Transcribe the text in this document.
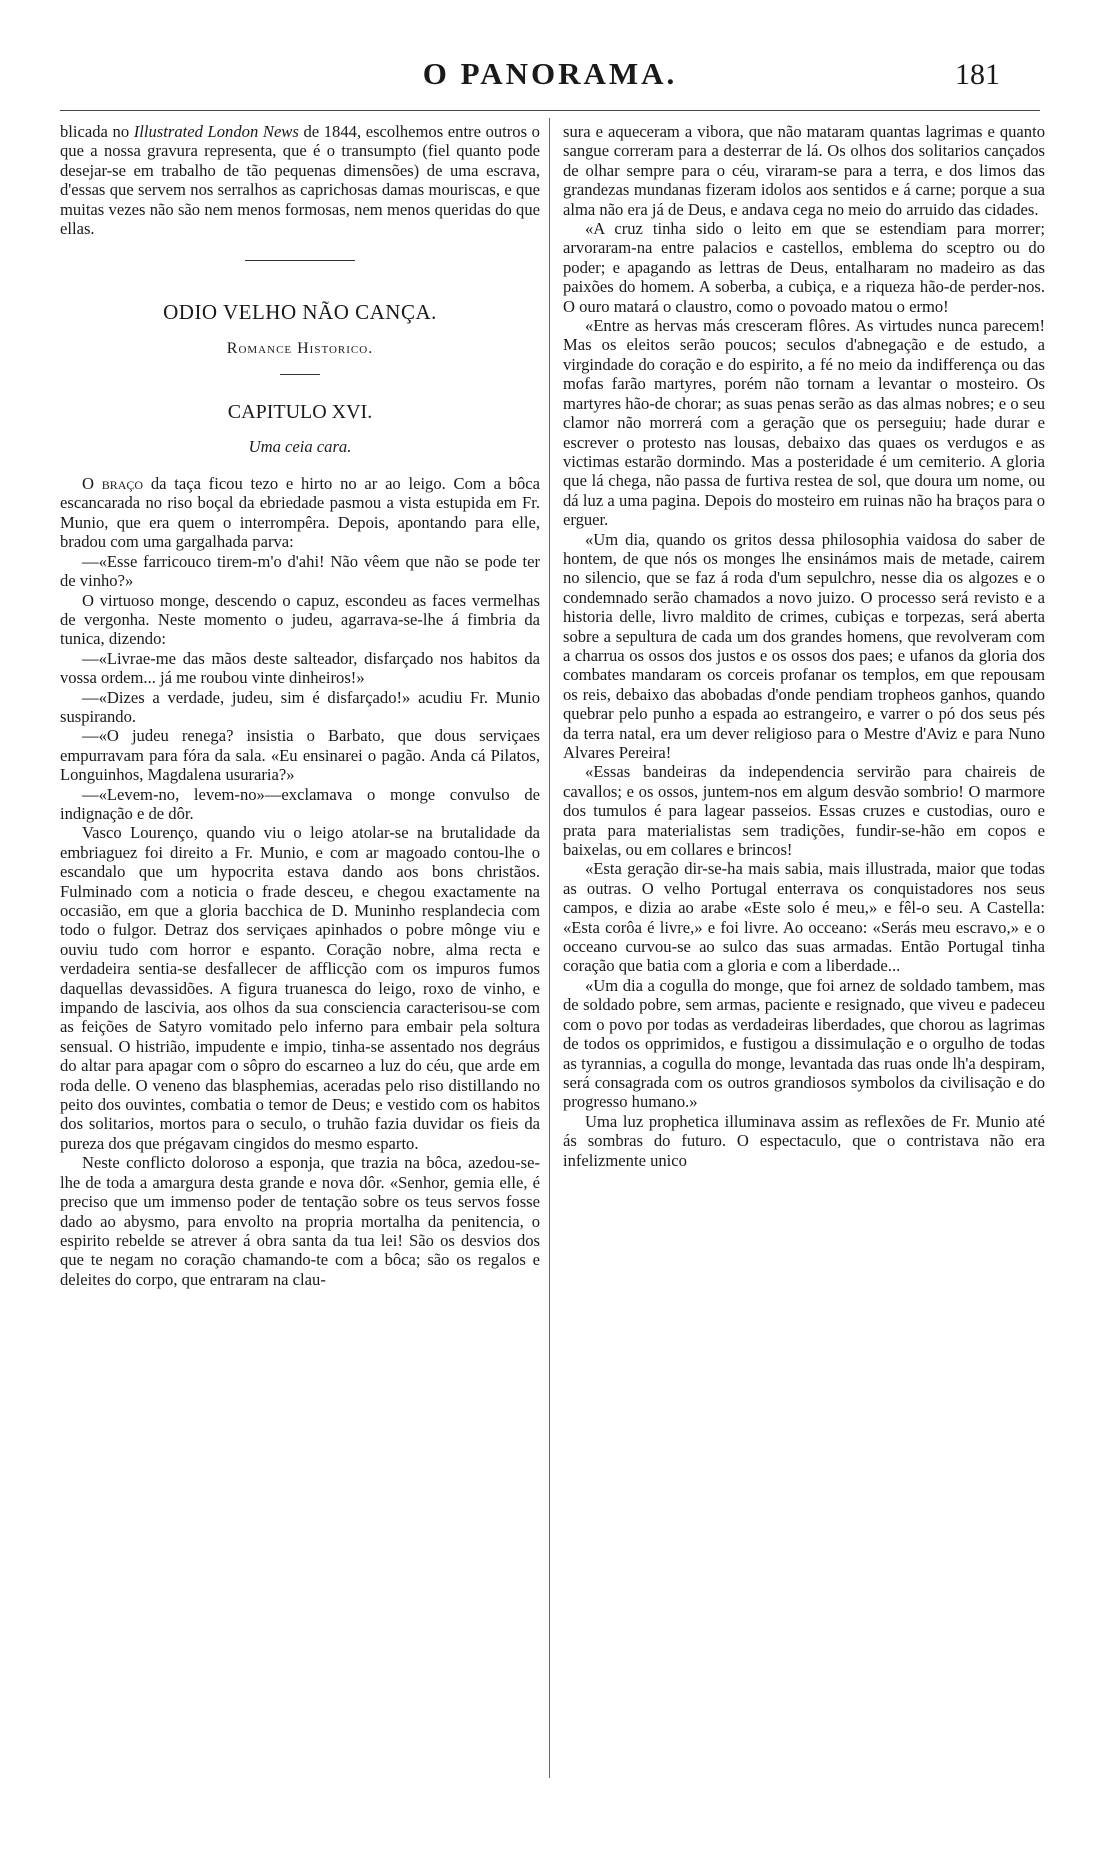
O PANORAMA.	181

blicada no Illustrated London News de 1844, escolhemos entre outros o que a nossa gravura representa, que é o transumpto (fiel quanto pode desejar-se em trabalho de tão pequenas dimensões) de uma escrava, d'essas que servem nos serralhos as caprichosas damas mouriscas, e que muitas vezes não são nem menos formosas, nem menos queridas do que ellas.

ODIO VELHO NÃO CANÇA.
Romance Historico.
CAPITULO XVI.
Uma ceia cara.

O braço da taça ficou tezo e hirto no ar ao leigo. Com a bôca escancarada no riso boçal da ebriedade pasmou a vista estupida em Fr. Munio, que era quem o interrompêra. Depois, apontando para elle, bradou com uma gargalhada parva:

—«Esse farricouco tirem-m'o d'ahi! Não vêem que não se pode ter de vinho?»

O virtuoso monge, descendo o capuz, escondeu as faces vermelhas de vergonha. Neste momento o judeu, agarrava-se-lhe á fimbria da tunica, dizendo:

—«Livrae-me das mãos deste salteador, disfarçado nos habitos da vossa ordem... já me roubou vinte dinheiros!»

—«Dizes a verdade, judeu, sim é disfarçado!» acudiu Fr. Munio suspirando.

—«O judeu renega? insistia o Barbato, que dous serviçaes empurravam para fóra da sala. «Eu ensinarei o pagão. Anda cá Pilatos, Longuinhos, Magdalena usuraria?»

—«Levem-no, levem-no»—exclamava o monge convulso de indignação e de dôr.

Vasco Lourenço, quando viu o leigo atolar-se na brutalidade da embriaguez foi direito a Fr. Munio, e com ar magoado contou-lhe o escandalo que um hypocrita estava dando aos bons christãos. Fulminado com a noticia o frade desceu, e chegou exactamente na occasião, em que a gloria bacchica de D. Muninho resplandecia com todo o fulgor. Detraz dos serviçaes apinhados o pobre mônge viu e ouviu tudo com horror e espanto. Coração nobre, alma recta e verdadeira sentia-se desfallecer de afflicção com os impuros fumos daquellas devassidões. A figura truanesca do leigo, roxo de vinho, e impando de lascivia, aos olhos da sua consciencia caracterisou-se com as feições de Satyro vomitado pelo inferno para embair pela soltura sensual. O histrião, impudente e impio, tinha-se assentado nos degráus do altar para apagar com o sôpro do escarneo a luz do céu, que arde em roda delle. O veneno das blasphemias, aceradas pelo riso distillando no peito dos ouvintes, combatia o temor de Deus; e vestido com os habitos dos solitarios, mortos para o seculo, o truhão fazia duvidar os fieis da pureza dos que prégavam cingidos do mesmo esparto.

Neste conflicto doloroso a esponja, que trazia na bôca, azedou-se-lhe de toda a amargura desta grande e nova dôr. «Senhor, gemia elle, é preciso que um immenso poder de tentação sobre os teus servos fosse dado ao abysmo, para envolto na propria mortalha da penitencia, o espirito rebelde se atrever á obra santa da tua lei! São os desvios dos que te negam no coração chamando-te com a bôca; são os regalos e deleites do corpo, que entraram na clau-

sura e aqueceram a vibora, que não mataram quantas lagrimas e quanto sangue correram para a desterrar de lá. Os olhos dos solitarios cançados de olhar sempre para o céu, viraram-se para a terra, e dos limos das grandezas mundanas fizeram idolos aos sentidos e á carne; porque a sua alma não era já de Deus, e andava cega no meio do arruido das cidades.

«A cruz tinha sido o leito em que se estendiam para morrer; arvoraram-na entre palacios e castellos, emblema do sceptro ou do poder; e apagando as lettras de Deus, entalharam no madeiro as das paixões do homem. A soberba, a cubiça, e a riqueza hão-de perder-nos. O ouro matará o claustro, como o povoado matou o ermo!

«Entre as hervas más cresceram flôres. As virtudes nunca parecem! Mas os eleitos serão poucos; seculos d'abnegação e de estudo, a virgindade do coração e do espirito, a fé no meio da indifferença ou das mofas farão martyres, porém não tornam a levantar o mosteiro. Os martyres hão-de chorar; as suas penas serão as das almas nobres; e o seu clamor não morrerá com a geração que os perseguiu; hade durar e escrever o protesto nas lousas, debaixo das quaes os verdugos e as victimas estarão dormindo. Mas a posteridade é um cemiterio. A gloria que lá chega, não passa de furtiva restea de sol, que doura um nome, ou dá luz a uma pagina. Depois do mosteiro em ruinas não ha braços para o erguer.

«Um dia, quando os gritos dessa philosophia vaidosa do saber de hontem, de que nós os monges lhe ensinámos mais de metade, cairem no silencio, que se faz á roda d'um sepulchro, nesse dia os algozes e o condemnado serão chamados a novo juizo. O processo será revisto e a historia delle, livro maldito de crimes, cubiças e torpezas, será aberta sobre a sepultura de cada um dos grandes homens, que revolveram com a charrua os ossos dos justos e os ossos dos paes; e ufanos da gloria dos combates mandaram os corceis profanar os templos, em que repousam os reis, debaixo das abobadas d'onde pendiam tropheos ganhos, quando quebrar pelo punho a espada ao estrangeiro, e varrer o pó dos seus pés da terra natal, era um dever religioso para o Mestre d'Aviz e para Nuno Alvares Pereira!

«Essas bandeiras da independencia servirão para chaireis de cavallos; e os ossos, juntem-nos em algum desvão sombrio! O marmore dos tumulos é para lagear passeios. Essas cruzes e custodias, ouro e prata para materialistas sem tradições, fundir-se-hão em copos e baixelas, ou em collares e brincos!

«Esta geração dir-se-ha mais sabia, mais illustrada, maior que todas as outras. O velho Portugal enterrava os conquistadores nos seus campos, e dizia ao arabe «Este solo é meu,» e fêl-o seu. A Castella: «Esta corôa é livre,» e foi livre. Ao occeano: «Serás meu escravo,» e o occeano curvou-se ao sulco das suas armadas. Então Portugal tinha coração que batia com a gloria e com a liberdade...

«Um dia a cogulla do monge, que foi arnez de soldado tambem, mas de soldado pobre, sem armas, paciente e resignado, que viveu e padeceu com o povo por todas as verdadeiras liberdades, que chorou as lagrimas de todos os opprimidos, e fustigou a dissimulação e o orgulho de todas as tyrannias, a cogulla do monge, levantada das ruas onde lh'a despiram, será consagrada com os outros grandiosos symbolos da civilisação e do progresso humano.»

Uma luz prophetica illuminava assim as reflexões de Fr. Munio até ás sombras do futuro. O espectaculo, que o contristava não era infelizmente unico
